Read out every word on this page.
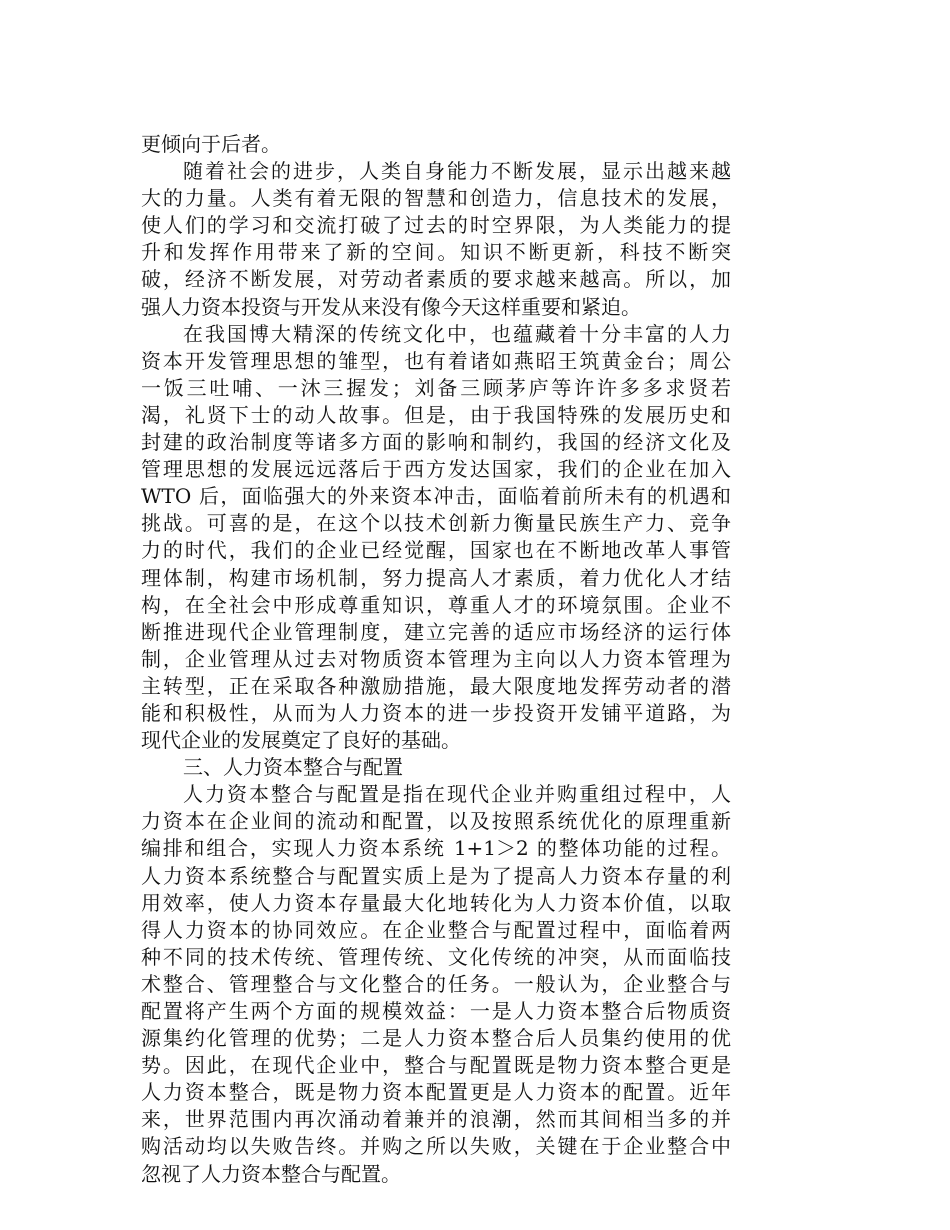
更倾向于后者。
随着社会的进步，人类自身能力不断发展，显示出越来越
大的力量。人类有着无限的智慧和创造力，信息技术的发展，
使人们的学习和交流打破了过去的时空界限，为人类能力的提
升和发挥作用带来了新的空间。知识不断更新，科技不断突
破，经济不断发展，对劳动者素质的要求越来越高。所以，加
强人力资本投资与开发从来没有像今天这样重要和紧迫。
在我国博大精深的传统文化中，也蕴藏着十分丰富的人力
资本开发管理思想的雏型，也有着诸如燕昭王筑黄金台；周公
一饭三吐哺、一沐三握发；刘备三顾茅庐等许许多多求贤若
渴，礼贤下士的动人故事。但是，由于我国特殊的发展历史和
封建的政治制度等诸多方面的影响和制约，我国的经济文化及
管理思想的发展远远落后于西方发达国家，我们的企业在加入
WTO 后，面临强大的外来资本冲击，面临着前所未有的机遇和
挑战。可喜的是，在这个以技术创新力衡量民族生产力、竞争
力的时代，我们的企业已经觉醒，国家也在不断地改革人事管
理体制，构建市场机制，努力提高人才素质，着力优化人才结
构，在全社会中形成尊重知识，尊重人才的环境氛围。企业不
断推进现代企业管理制度，建立完善的适应市场经济的运行体
制，企业管理从过去对物质资本管理为主向以人力资本管理为
主转型，正在采取各种激励措施，最大限度地发挥劳动者的潜
能和积极性，从而为人力资本的进一步投资开发铺平道路，为
现代企业的发展奠定了良好的基础。
三、人力资本整合与配置
人力资本整合与配置是指在现代企业并购重组过程中，人
力资本在企业间的流动和配置，以及按照系统优化的原理重新
编排和组合，实现人力资本系统 1+1＞2 的整体功能的过程。
人力资本系统整合与配置实质上是为了提高人力资本存量的利
用效率，使人力资本存量最大化地转化为人力资本价值，以取
得人力资本的协同效应。在企业整合与配置过程中，面临着两
种不同的技术传统、管理传统、文化传统的冲突，从而面临技
术整合、管理整合与文化整合的任务。一般认为，企业整合与
配置将产生两个方面的规模效益：一是人力资本整合后物质资
源集约化管理的优势；二是人力资本整合后人员集约使用的优
势。因此，在现代企业中，整合与配置既是物力资本整合更是
人力资本整合，既是物力资本配置更是人力资本的配置。近年
来，世界范围内再次涌动着兼并的浪潮，然而其间相当多的并
购活动均以失败告终。并购之所以失败，关键在于企业整合中
忽视了人力资本整合与配置。
